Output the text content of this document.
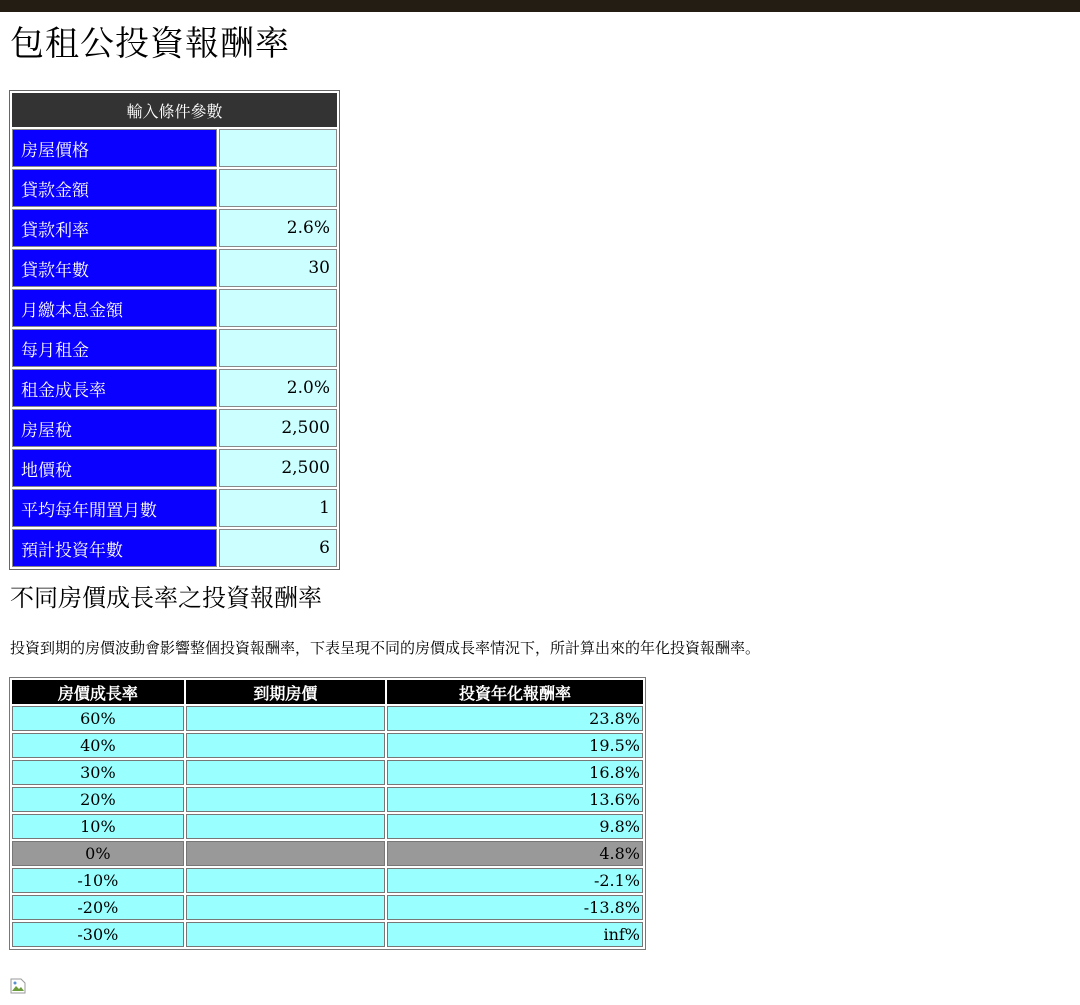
包租公投資報酬率
輸入條件參數	
房屋價格	
貸款金額	
貸款利率	2.6%
貸款年數	30
月繳本息金額	
每月租金	
租金成長率	2.0%
房屋稅	2,500
地價稅	2,500
平均每年閒置月數	1
預計投資年數	6
不同房價成長率之投資報酬率

投資到期的房價波動會影響整個投資報酬率，下表呈現不同的房價成長率情況下，所計算出來的年化投資報酬率。

房價成長率	到期房價	投資年化報酬率
60%		23.8%
40%		19.5%
30%		16.8%
20%		13.6%
10%		9.8%
0%		4.8%
-10%		-2.1%
-20%		-13.8%
-30%		inf%
